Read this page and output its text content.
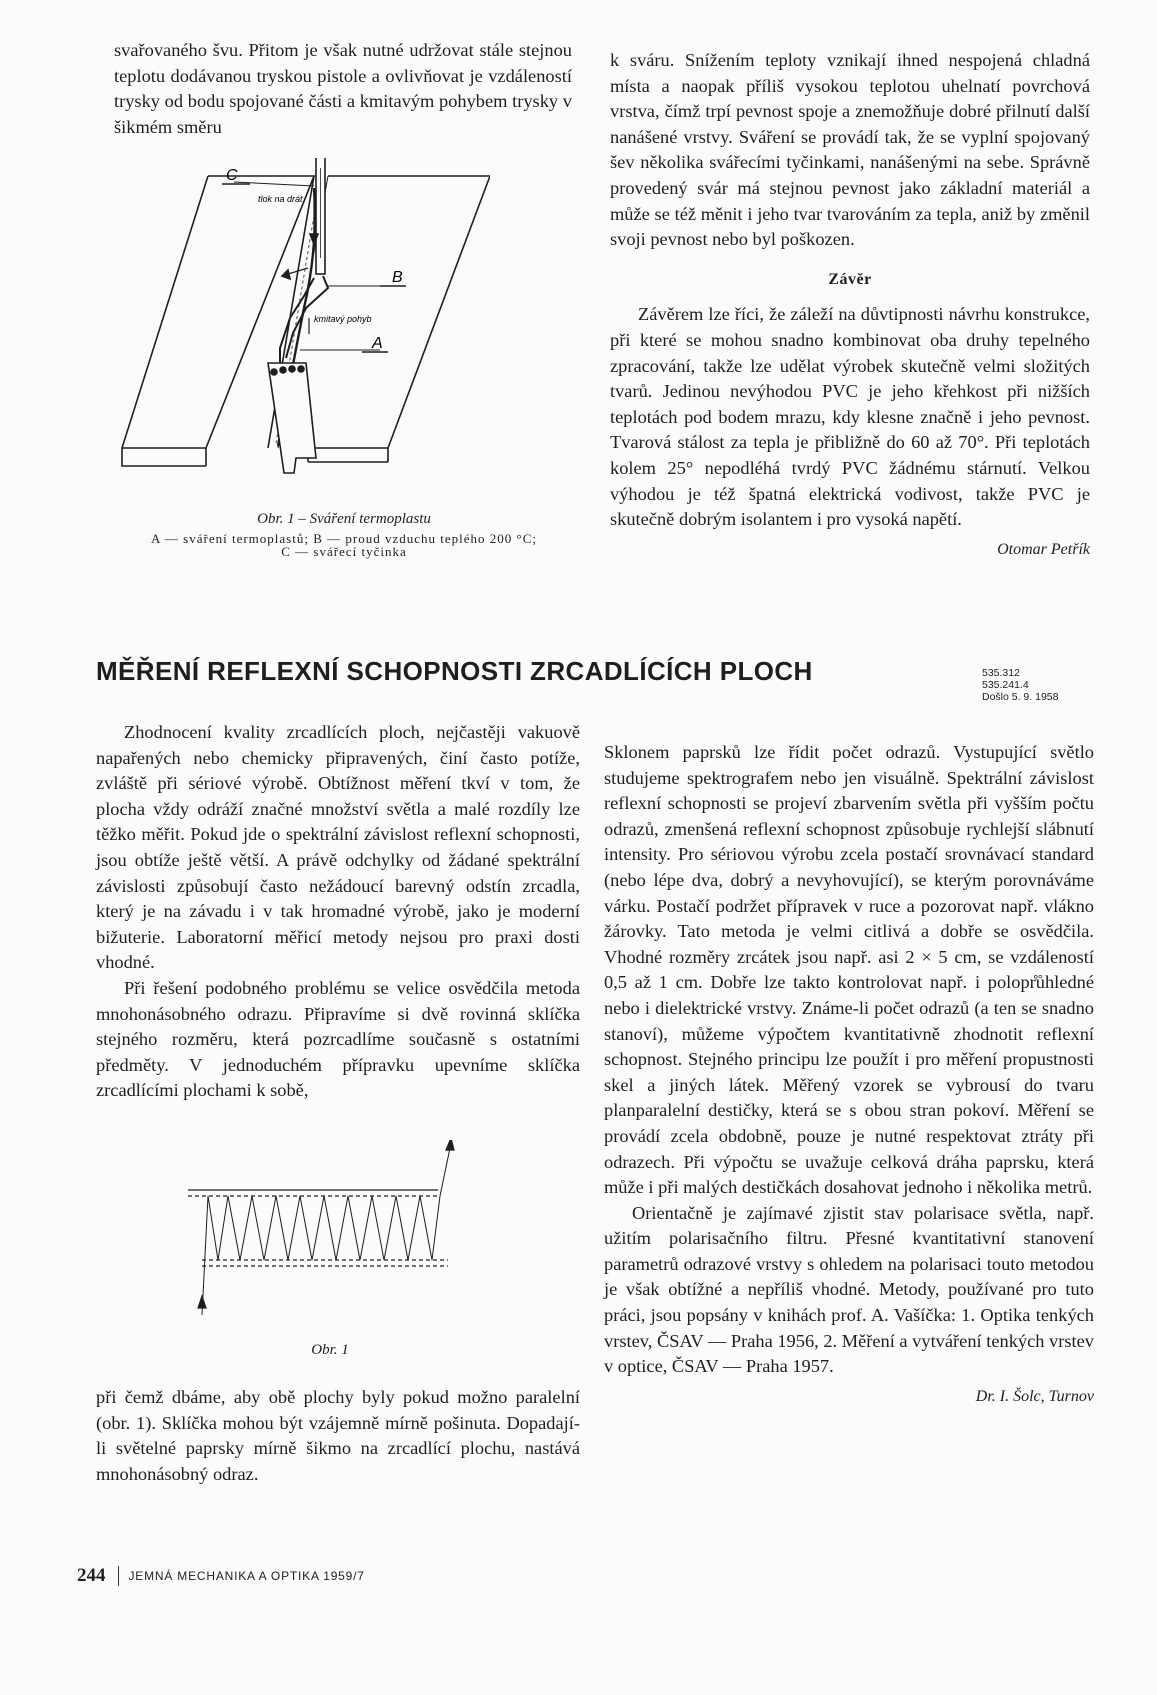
svařovaného švu. Přitom je však nutné udržovat stále stejnou teplotu dodávanou tryskou pistole a ovlivňovat je vzdáleností trysky od bodu spojované části a kmitavým pohybem trysky v šikmém směru

C
tlok na drát
B
kmitavý pohyb
A
Obr. 1 – Sváření termoplastu
A — sváření termoplastů; B — proud vzduchu teplého 200 °C;
C — svářecí tyčinka

k sváru. Snížením teploty vznikají ihned nespojená chladná místa a naopak příliš vysokou teplotou uhelnatí povrchová vrstva, čímž trpí pevnost spoje a znemožňuje dobré přilnutí další nanášené vrstvy. Sváření se provádí tak, že se vyplní spojovaný šev několika svářecími tyčinkami, nanášenými na sebe. Správně provedený svár má stejnou pevnost jako základní materiál a může se též měnit i jeho tvar tvarováním za tepla, aniž by změnil svoji pevnost nebo byl poškozen.

Závěr

Závěrem lze říci, že záleží na důvtipnosti návrhu konstrukce, při které se mohou snadno kombinovat oba druhy tepelného zpracování, takže lze udělat výrobek skutečně velmi složitých tvarů. Jedinou nevýhodou PVC je jeho křehkost při nižších teplotách pod bodem mrazu, kdy klesne značně i jeho pevnost. Tvarová stálost za tepla je přibližně do 60 až 70°. Při teplotách kolem 25° nepodléhá tvrdý PVC žádnému stárnutí. Velkou výhodou je též špatná elektrická vodivost, takže PVC je skutečně dobrým isolantem i pro vysoká napětí.

Otomar Petřík
MĚŘENÍ REFLEXNÍ SCHOPNOSTI ZRCADLÍCÍCH PLOCH	535.312
535.241.4
Došlo 5. 9. 1958

Zhodnocení kvality zrcadlících ploch, nejčastěji vakuově napařených nebo chemicky připravených, činí často potíže, zvláště při sériové výrobě. Obtížnost měření tkví v tom, že plocha vždy odráží značné množství světla a malé rozdíly lze těžko měřit. Pokud jde o spektrální závislost reflexní schopnosti, jsou obtíže ještě větší. A právě odchylky od žádané spektrální závislosti způsobují často nežádoucí barevný odstín zrcadla, který je na závadu i v tak hromadné výrobě, jako je moderní bižuterie. Laboratorní měřicí metody nejsou pro praxi dosti vhodné.

Při řešení podobného problému se velice osvědčila metoda mnohonásobného odrazu. Připravíme si dvě rovinná sklíčka stejného rozměru, která pozrcadlíme současně s ostatními předměty. V jednoduchém přípravku upevníme sklíčka zrcadlícími plochami k sobě,

Obr. 1

při čemž dbáme, aby obě plochy byly pokud možno paralelní (obr. 1). Sklíčka mohou být vzájemně mírně pošinuta. Dopadají-li světelné paprsky mírně šikmo na zrcadlící plochu, nastává mnohonásobný odraz.

Sklonem paprsků lze řídit počet odrazů. Vystupující světlo studujeme spektrografem nebo jen visuálně. Spektrální závislost reflexní schopnosti se projeví zbarvením světla při vyšším počtu odrazů, zmenšená reflexní schopnost způsobuje rychlejší slábnutí intensity. Pro sériovou výrobu zcela postačí srovnávací standard (nebo lépe dva, dobrý a nevyhovující), se kterým porovnáváme várku. Postačí podržet přípravek v ruce a pozorovat např. vlákno žárovky. Tato metoda je velmi citlivá a dobře se osvědčila. Vhodné rozměry zrcátek jsou např. asi 2 × 5 cm, se vzdáleností 0,5 až 1 cm. Dobře lze takto kontrolovat např. i polopr̊ůhledné nebo i dielektrické vrstvy. Známe-li počet odrazů (a ten se snadno stanoví), můžeme výpočtem kvantitativně zhodnotit reflexní schopnost. Stejného principu lze použít i pro měření propustnosti skel a jiných látek. Měřený vzorek se vybrousí do tvaru planparalelní destičky, která se s obou stran pokoví. Měření se provádí zcela obdobně, pouze je nutné respektovat ztráty při odrazech. Při výpočtu se uvažuje celková dráha paprsku, která může i při malých destičkách dosahovat jednoho i několika metrů.

Orientačně je zajímavé zjistit stav polarisace světla, např. užitím polarisačního filtru. Přesné kvantitativní stanovení parametrů odrazové vrstvy s ohledem na polarisaci touto metodou je však obtížné a nepříliš vhodné. Metody, používané pro tuto práci, jsou popsány v knihách prof. A. Vašíčka: 1. Optika tenkých vrstev, ČSAV — Praha 1956, 2. Měření a vytváření tenkých vrstev v optice, ČSAV — Praha 1957.

Dr. I. Šolc, Turnov
244 JEMNÁ MECHANIKA A OPTIKA 1959/7
